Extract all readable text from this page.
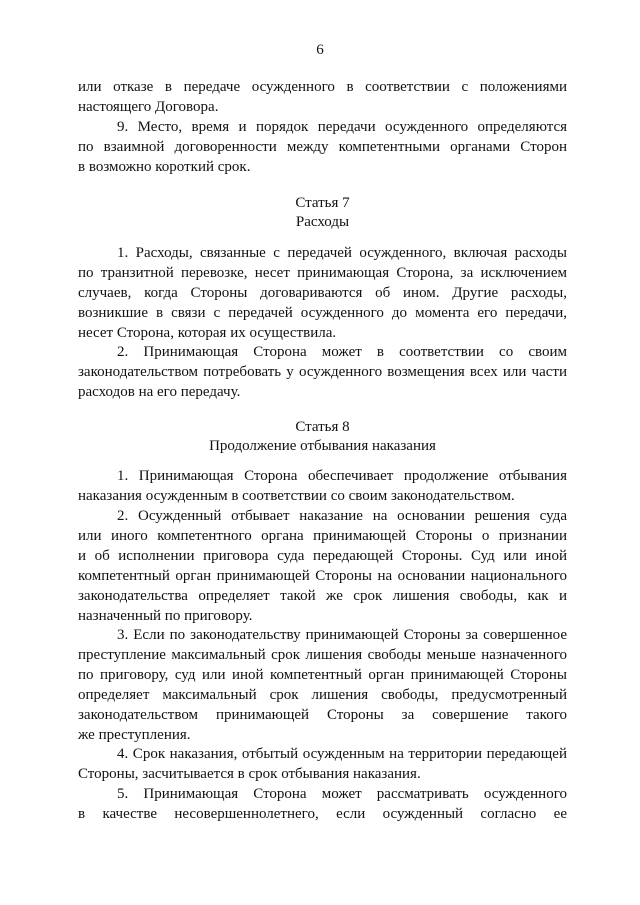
6
или отказе в передаче осужденного в соответствии с положениями
настоящего Договора.
9. Место, время и порядок передачи осужденного определяются
по взаимной договоренности между компетентными органами Сторон
в возможно короткий срок.
Статья 7
Расходы
1. Расходы, связанные с передачей осужденного, включая расходы
по транзитной перевозке, несет принимающая Сторона, за исключением
случаев, когда Стороны договариваются об ином. Другие расходы,
возникшие в связи с передачей осужденного до момента его передачи,
несет Сторона, которая их осуществила.
2. Принимающая Сторона может в соответствии со своим
законодательством потребовать у осужденного возмещения всех или части
расходов на его передачу.
Статья 8
Продолжение отбывания наказания
1. Принимающая Сторона обеспечивает продолжение отбывания
наказания осужденным в соответствии со своим законодательством.
2. Осужденный отбывает наказание на основании решения суда
или иного компетентного органа принимающей Стороны о признании
и об исполнении приговора суда передающей Стороны. Суд или иной
компетентный орган принимающей Стороны на основании национального
законодательства определяет такой же срок лишения свободы, как и
назначенный по приговору.
3. Если по законодательству принимающей Стороны за совершенное
преступление максимальный срок лишения свободы меньше назначенного
по приговору, суд или иной компетентный орган принимающей Стороны
определяет максимальный срок лишения свободы, предусмотренный
законодательством принимающей Стороны за совершение такого
же преступления.
4. Срок наказания, отбытый осужденным на территории передающей
Стороны, засчитывается в срок отбывания наказания.
5. Принимающая Сторона может рассматривать осужденного
в качестве несовершеннолетнего, если осужденный согласно ее
